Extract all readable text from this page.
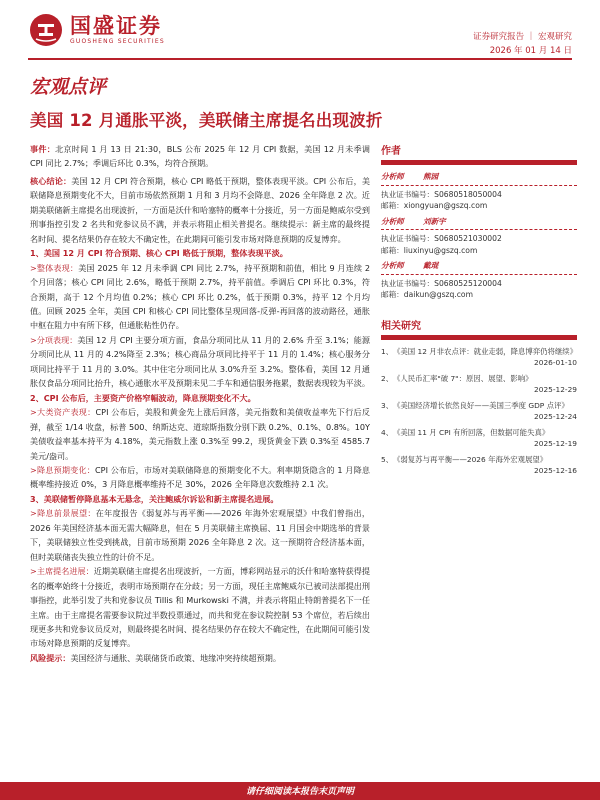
国盛证券
GUOSHENG SECURITIES	证券研究报告 ｜ 宏观研究
2026 年 01 月 14 日
宏观点评
美国 12 月通胀平淡，美联储主席提名出现波折

事件：北京时间 1 月 13 日 21:30，BLS 公布 2025 年 12 月 CPI 数据，美国 12 月未季调 CPI 同比 2.7%；季调后环比 0.3%，均符合预期。

核心结论：美国 12 月 CPI 符合预期，核心 CPI 略低于预期，整体表现平淡。CPI 公布后，美联储降息预期变化不大，目前市场依然预期 1 月和 3 月均不会降息、2026 全年降息 2 次。近期美联储新主席提名出现波折，一方面是沃什和哈塞特的概率十分接近，另一方面是鲍威尔受到刑事指控引发 2 名共和党参议员不满，并表示将阻止相关普提名。继续提示：新主席的最终提名时间、提名结果仍存在较大不确定性，在此期间可能引发市场对降息预期的反复博弈。

1、美国 12 月 CPI 符合预期、核心 CPI 略低于预期，整体表现平淡。

>整体表现：美国 2025 年 12 月未季调 CPI 同比 2.7%，持平预期和前值，相比 9 月连续 2 个月回落；核心 CPI 同比 2.6%，略低于预期 2.7%，持平前值。季调后 CPI 环比 0.3%，符合预期，高于 12 个月均值 0.2%；核心 CPI 环比 0.2%，低于预期 0.3%，持平 12 个月均值。回顾 2025 全年，美国 CPI 和核心 CPI 同比整体呈现回落-反弹-再回落的波动路径，通胀中枢在阻力中有所下移，但通胀粘性仍存。

>分项表现：美国 12 月 CPI 主要分项方面，食品分项同比从 11 月的 2.6% 升至 3.1%；能源分项同比从 11 月的 4.2%降至 2.3%；核心商品分项同比持平于 11 月的 1.4%；核心服务分项同比持平于 11 月的 3.0%。其中住宅分项同比从 3.0%升至 3.2%。整体看，美国 12 月通胀仅食品分项同比抬升，核心通胀水平及预期未见二手车和通信服务拖累，数据表现较为平淡。

2、CPI 公布后，主要资产价格窄幅波动，降息预期变化不大。

>大类资产表现：CPI 公布后，美股和黄金先上涨后回落，美元指数和美债收益率先下行后反弹，截至 1/14 收盘，标普 500、纳斯达克、道琼斯指数分别下跌 0.2%、0.1%、0.8%。10Y 美债收益率基本持平为 4.18%，美元指数上涨 0.3%至 99.2，现货黄金下跌 0.3%至 4585.7 美元/盎司。

>降息预期变化：CPI 公布后，市场对美联储降息的预期变化不大。利率期货隐含的 1 月降息概率维持接近 0%，3 月降息概率维持不足 30%，2026 全年降息次数维持 2.1 次。

3、美联储暂停降息基本无悬念，关注鲍威尔诉讼和新主席提名进展。

>降息前景展望：在年度报告《弱复苏与再平衡——2026 年海外宏观展望》中我们曾指出，2026 年美国经济基本面无需大幅降息，但在 5 月美联储主席换届、11 月国会中期选举的背景下，美联储独立性受到挑战，目前市场预期 2026 全年降息 2 次。这一预期符合经济基本面，但时美联储丧失独立性的计价不足。

>主席提名进展：近期美联储主席提名出现波折，一方面，博彩网站显示的沃什和哈塞特获得提名的概率始终十分接近，表明市场预期存在分歧；另一方面，现任主席鲍威尔已被司法部提出刑事指控，此举引发了共和党参议员 Tillis 和 Murkowski 不满，并表示将阻止特朗普提名下一任主席。由于主席提名需要参议院过半数投票通过，而共和党在参议院控制 53 个席位，若后续出现更多共和党参议员反对，则最终提名时间、提名结果仍存在较大不确定性，在此期间可能引发市场对降息预期的反复博弈。

风险提示：美国经济与通胀、美联储货币政策、地缘冲突持续超预期。

作者
分析师	熊园
执业证书编号： S0680518050004
邮箱： xiongyuan@gszq.com
分析师	刘新宇
执业证书编号： S0680521030002
邮箱： liuxinyu@gszq.com
分析师	戴琨
执业证书编号： S0680525120004
邮箱： daikun@gszq.com
相关研究
1、 《美国 12 月非农点评：就业走弱，降息博弈仍将继续》
2026-01-10
2、 《人民币汇率"破 7"：原因、展望、影响》
2025-12-29
3、 《美国经济增长依然良好——美国三季度 GDP 点评》
2025-12-24
4、 《美国 11 月 CPI 有所回落，但数据可能失真》
2025-12-19
5、 《弱复苏与再平衡——2026 年海外宏观展望》
2025-12-16
请仔细阅读本报告末页声明
